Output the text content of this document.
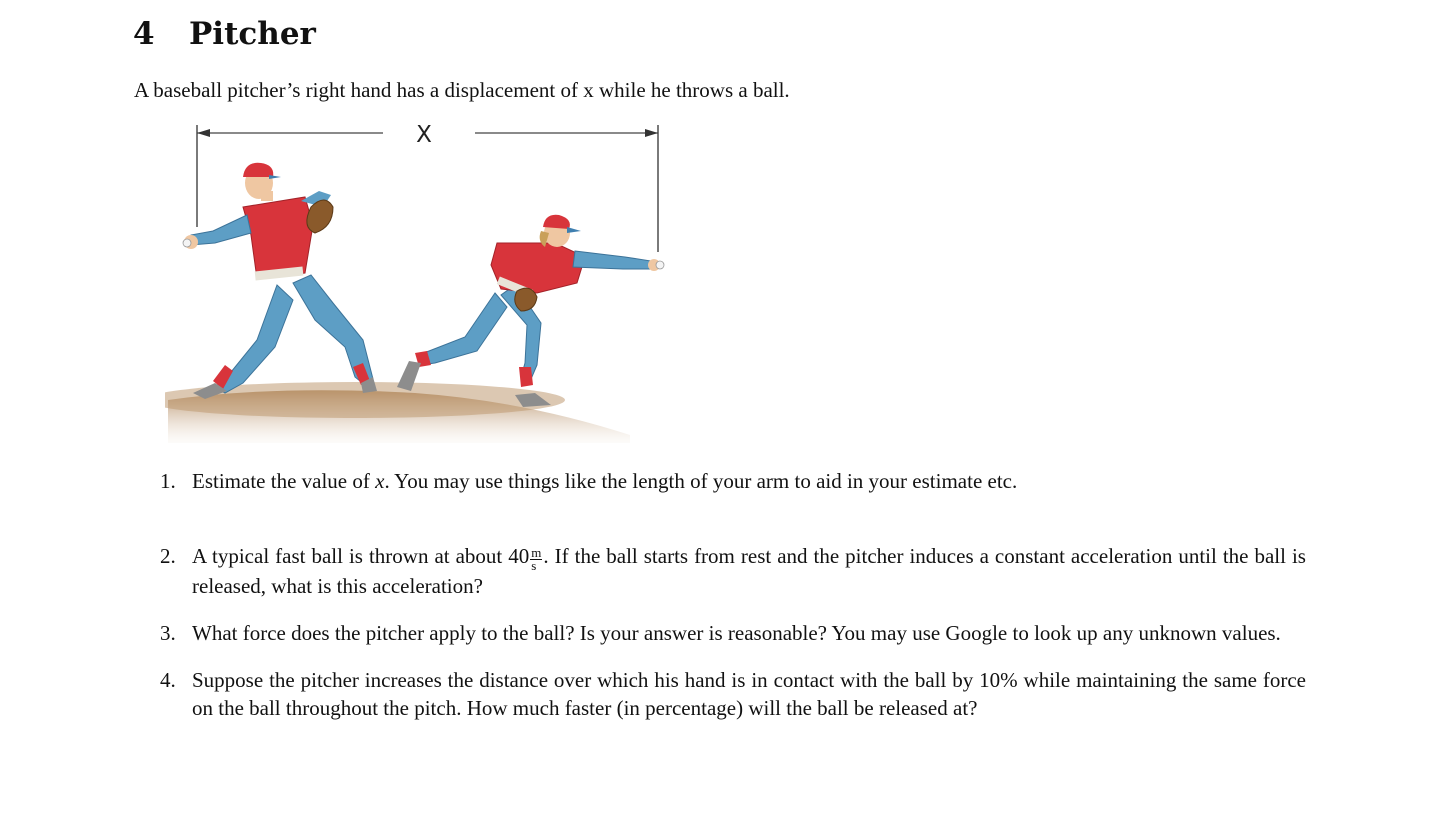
4 Pitcher

A baseball pitcher’s right hand has a displacement of x while he throws a ball.

X
1. Estimate the value of x. You may use things like the length of your arm to aid in your estimate etc.
2. A typical fast ball is thrown at about $40 \frac{m}{s}$ . If the ball starts from rest and the pitcher induces a constant acceleration until the ball is released, what is this acceleration?
3. What force does the pitcher apply to the ball? Is your answer is reasonable? You may use Google to look up any unknown values.
4. Suppose the pitcher increases the distance over which his hand is in contact with the ball by 10% while maintaining the same force on the ball throughout the pitch. How much faster (in percentage) will the ball be released at?
